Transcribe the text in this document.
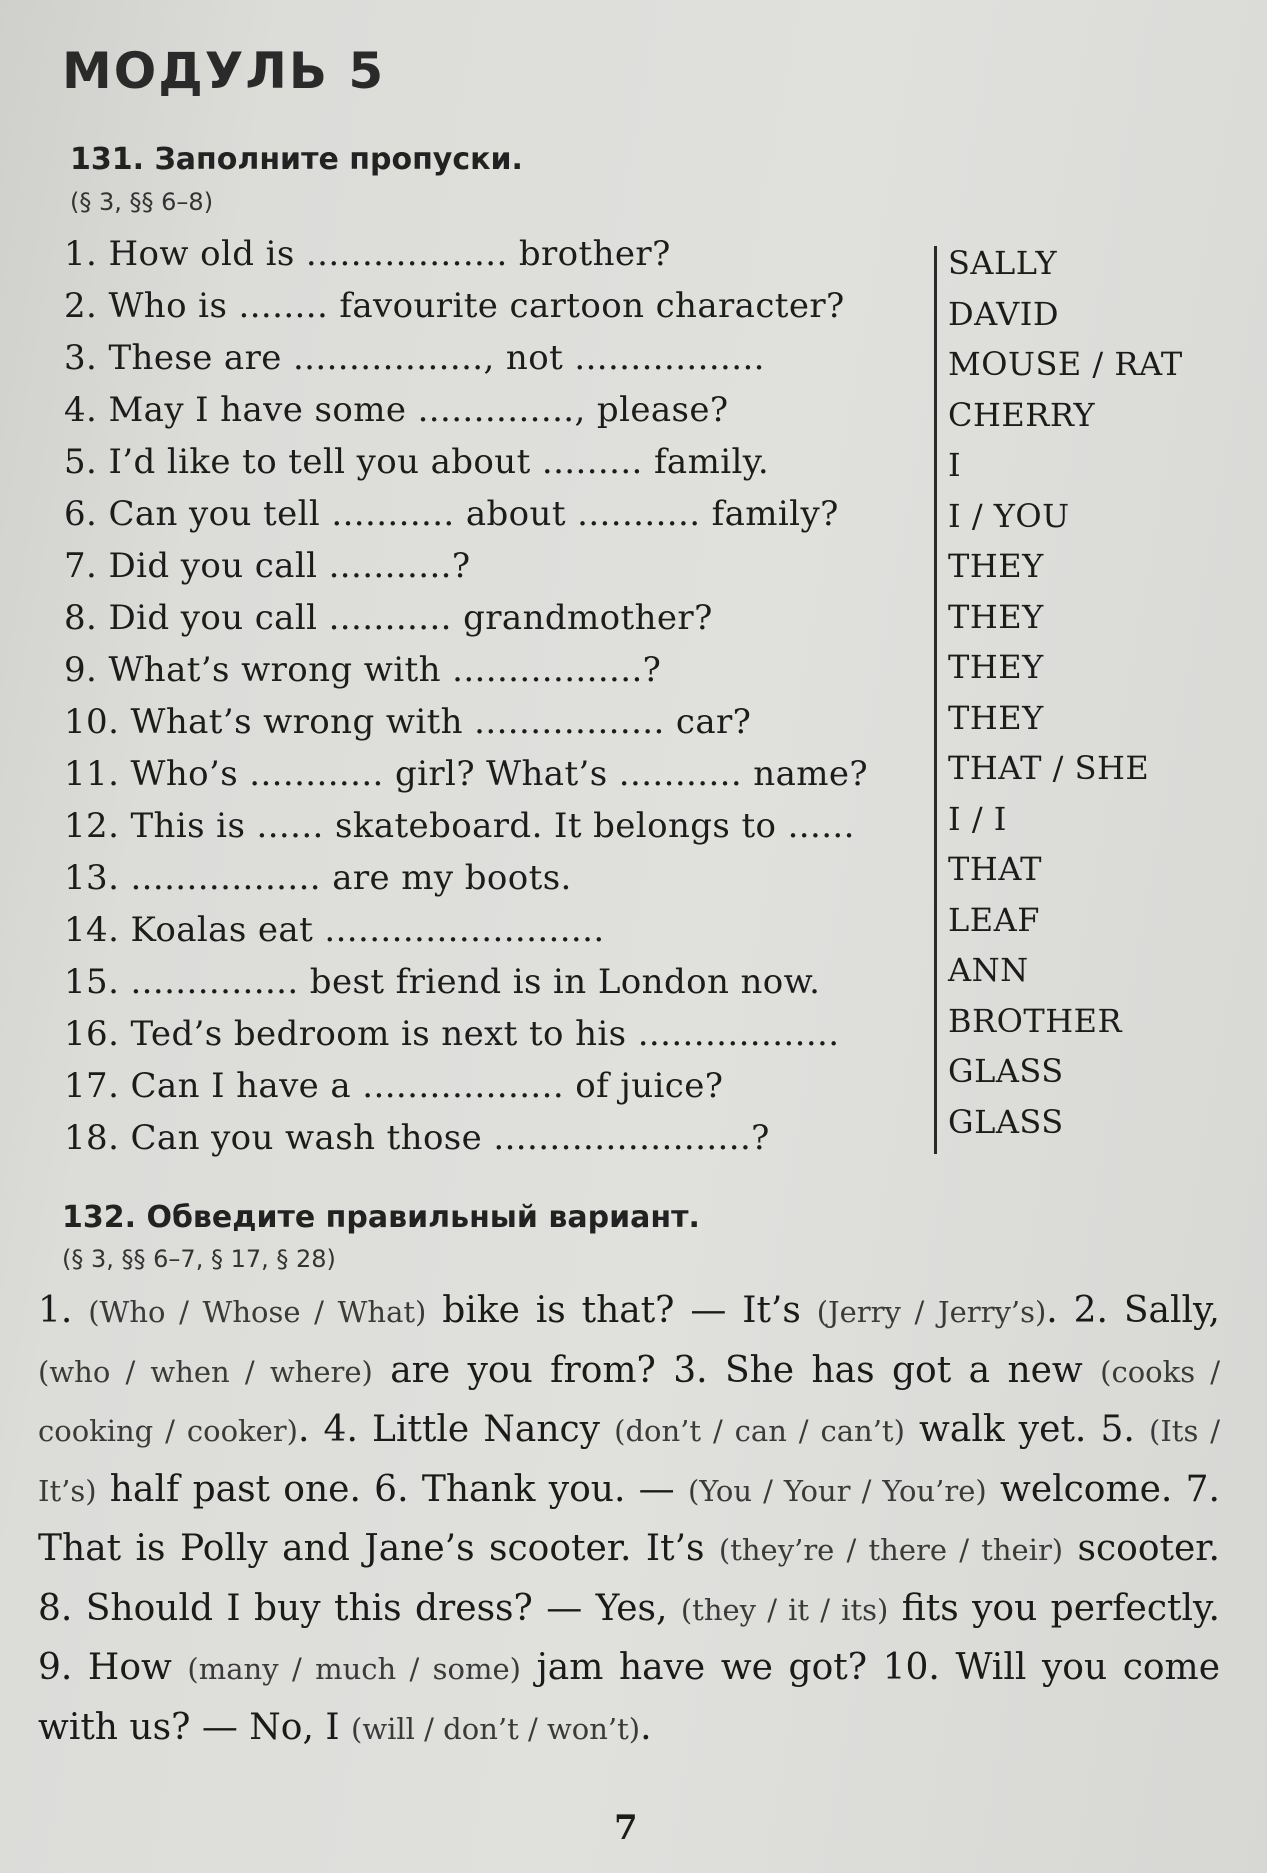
МОДУЛЬ 5
131. Заполните пропуски.
(§ 3, §§ 6–8)
1. How old is .................. brother?
2. Who is ........ favourite cartoon character?
3. These are ................., not .................
4. May I have some .............., please?
5. I’d like to tell you about ......... family.
6. Can you tell ........... about ........... family?
7. Did you call ...........?
8. Did you call ........... grandmother?
9. What’s wrong with .................?
10. What’s wrong with ................. car?
11. Who’s ............ girl? What’s ........... name?
12. This is ...... skateboard. It belongs to ......
13. ................. are my boots.
14. Koalas eat .........................
15. ............... best friend is in London now.
16. Ted’s bedroom is next to his ..................
17. Can I have a .................. of juice?
18. Can you wash those .......................?
SALLY
DAVID
MOUSE / RAT
CHERRY
I
I / YOU
THEY
THEY
THEY
THEY
THAT / SHE
I / I
THAT
LEAF
ANN
BROTHER
GLASS
GLASS
132. Обведите правильный вариант.
(§ 3, §§ 6–7, § 17, § 28)
1. (Who / Whose / What) bike is that? — It’s (Jerry / Jerry’s). 2. Sally, (who / when / where) are you from? 3. She has got a new (cooks / cooking / cooker). 4. Little Nancy (don’t / can / can’t) walk yet. 5. (Its / It’s) half past one. 6. Thank you. — (You / Your / You’re) welcome. 7. That is Polly and Jane’s scooter. It’s (they’re / there / their) scooter. 8. Should I buy this dress? — Yes, (they / it / its) fits you perfectly. 9. How (many / much / some) jam have we got? 10. Will you come with us? — No, I (will / don’t / won’t).
7
